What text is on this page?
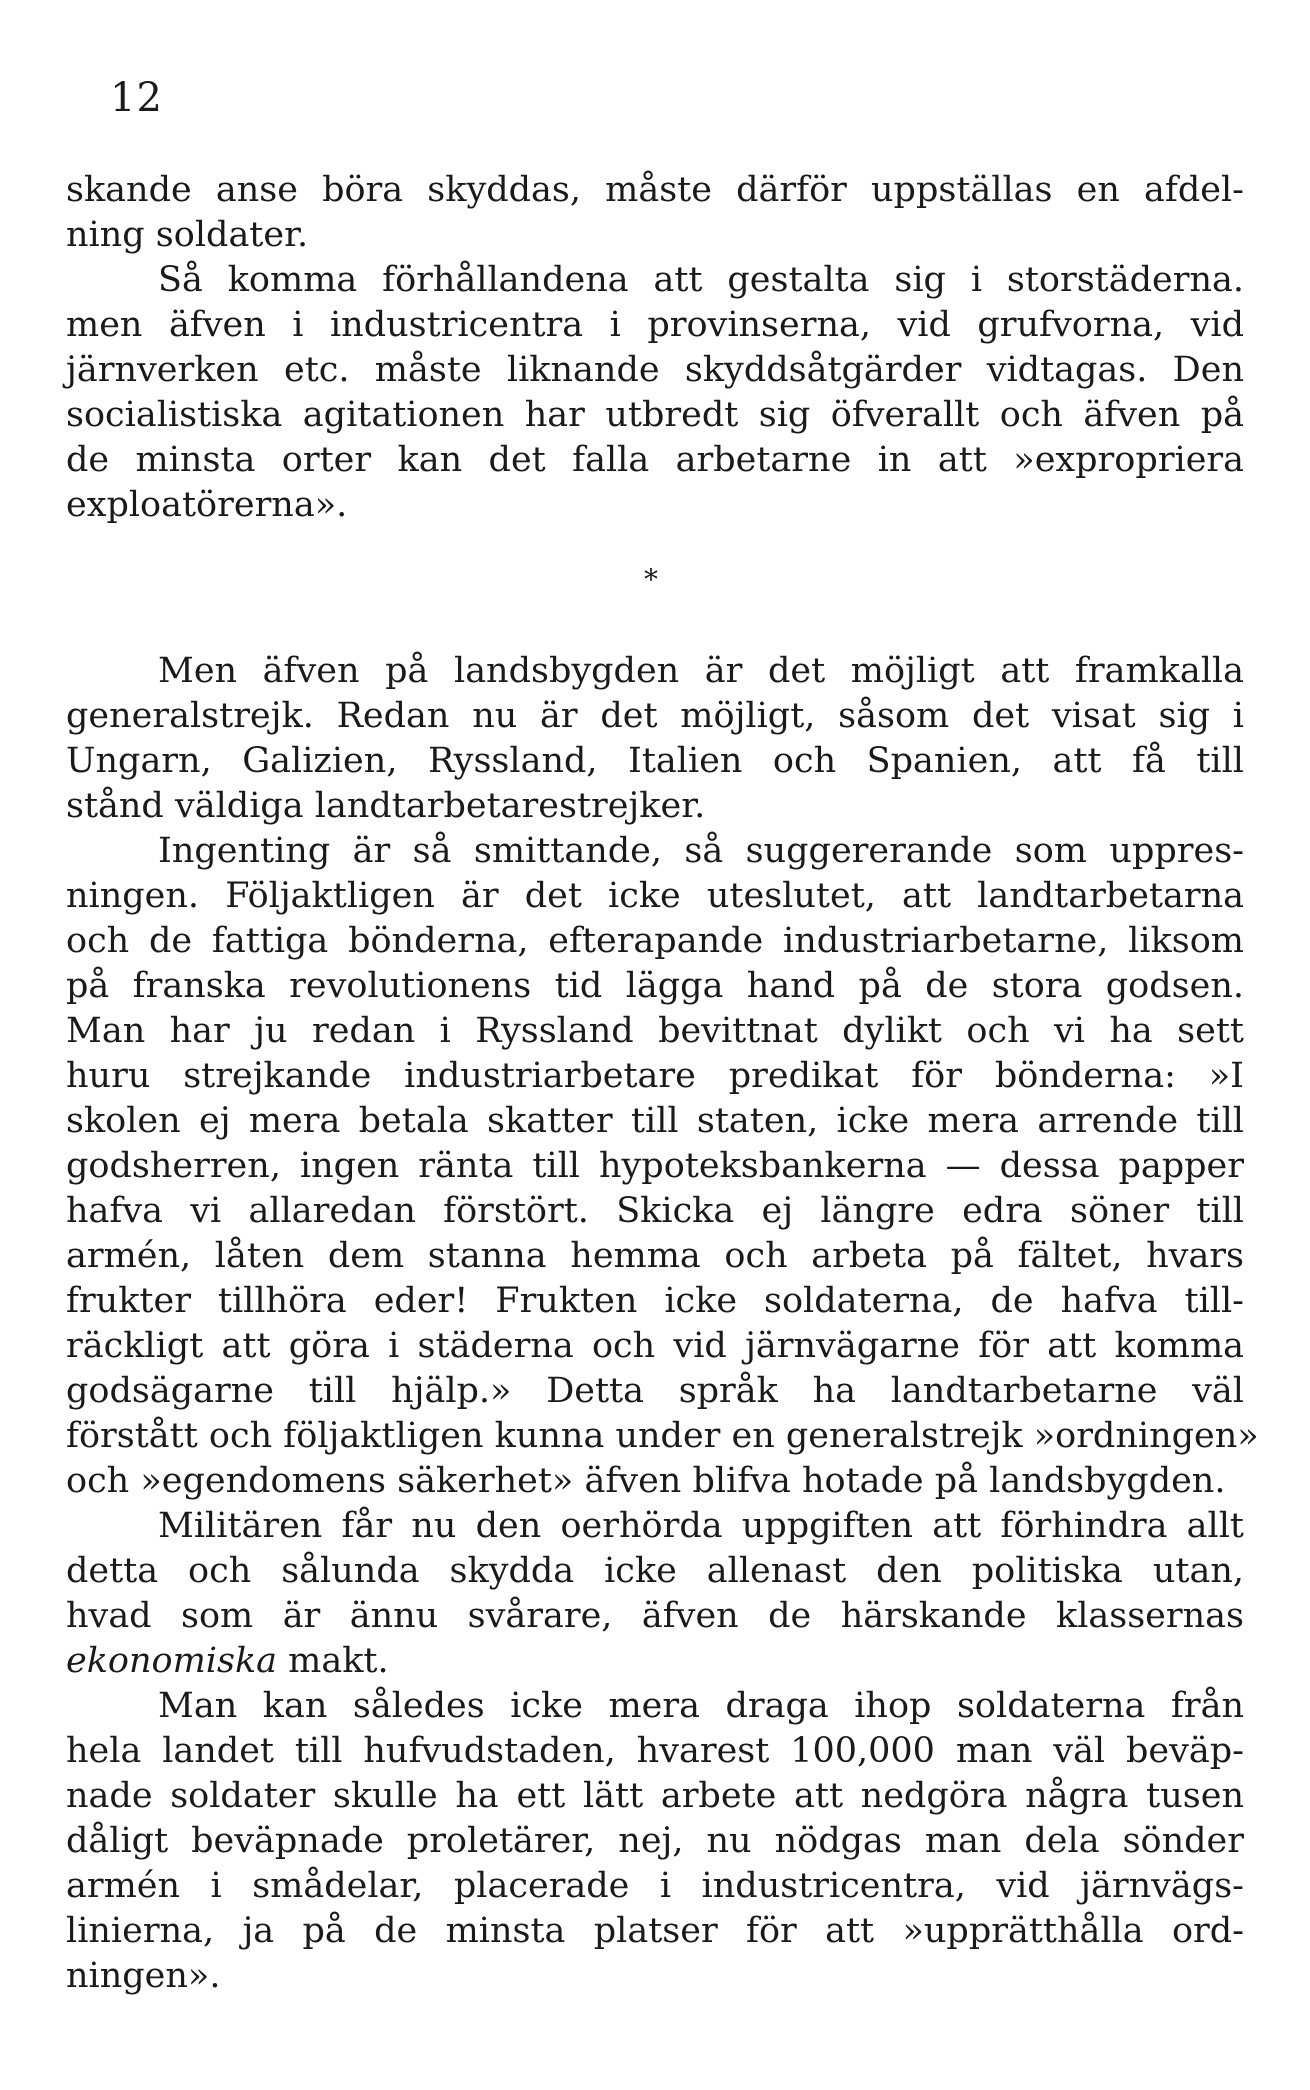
12
skande anse böra skyddas, måste därför uppställas en afdel-
ning soldater.
Så komma förhållandena att gestalta sig i storstäderna.
men äfven i industricentra i provinserna, vid grufvorna, vid
järnverken etc. måste liknande skyddsåtgärder vidtagas. Den
socialistiska agitationen har utbredt sig öfverallt och äfven på
de minsta orter kan det falla arbetarne in att »expropriera
exploatörerna».
*
Men äfven på landsbygden är det möjligt att framkalla
generalstrejk. Redan nu är det möjligt, såsom det visat sig i
Ungarn, Galizien, Ryssland, Italien och Spanien, att få till
stånd väldiga landtarbetarestrejker.
Ingenting är så smittande, så suggererande som uppres-
ningen. Följaktligen är det icke uteslutet, att landtarbetarna
och de fattiga bönderna, efterapande industriarbetarne, liksom
på franska revolutionens tid lägga hand på de stora godsen.
Man har ju redan i Ryssland bevittnat dylikt och vi ha sett
huru strejkande industriarbetare predikat för bönderna: »I
skolen ej mera betala skatter till staten, icke mera arrende till
godsherren, ingen ränta till hypoteksbankerna — dessa papper
hafva vi allaredan förstört. Skicka ej längre edra söner till
armén, låten dem stanna hemma och arbeta på fältet, hvars
frukter tillhöra eder! Frukten icke soldaterna, de hafva till-
räckligt att göra i städerna och vid järnvägarne för att komma
godsägarne till hjälp.» Detta språk ha landtarbetarne väl
förstått och följaktligen kunna under en generalstrejk »ordningen»
och »egendomens säkerhet» äfven blifva hotade på landsbygden.
Militären får nu den oerhörda uppgiften att förhindra allt
detta och sålunda skydda icke allenast den politiska utan,
hvad som är ännu svårare, äfven de härskande klassernas
ekonomiska makt.
Man kan således icke mera draga ihop soldaterna från
hela landet till hufvudstaden, hvarest 100,000 man väl beväp-
nade soldater skulle ha ett lätt arbete att nedgöra några tusen
dåligt beväpnade proletärer, nej, nu nödgas man dela sönder
armén i smådelar, placerade i industricentra, vid järnvägs-
linierna, ja på de minsta platser för att »upprätthålla ord-
ningen».
